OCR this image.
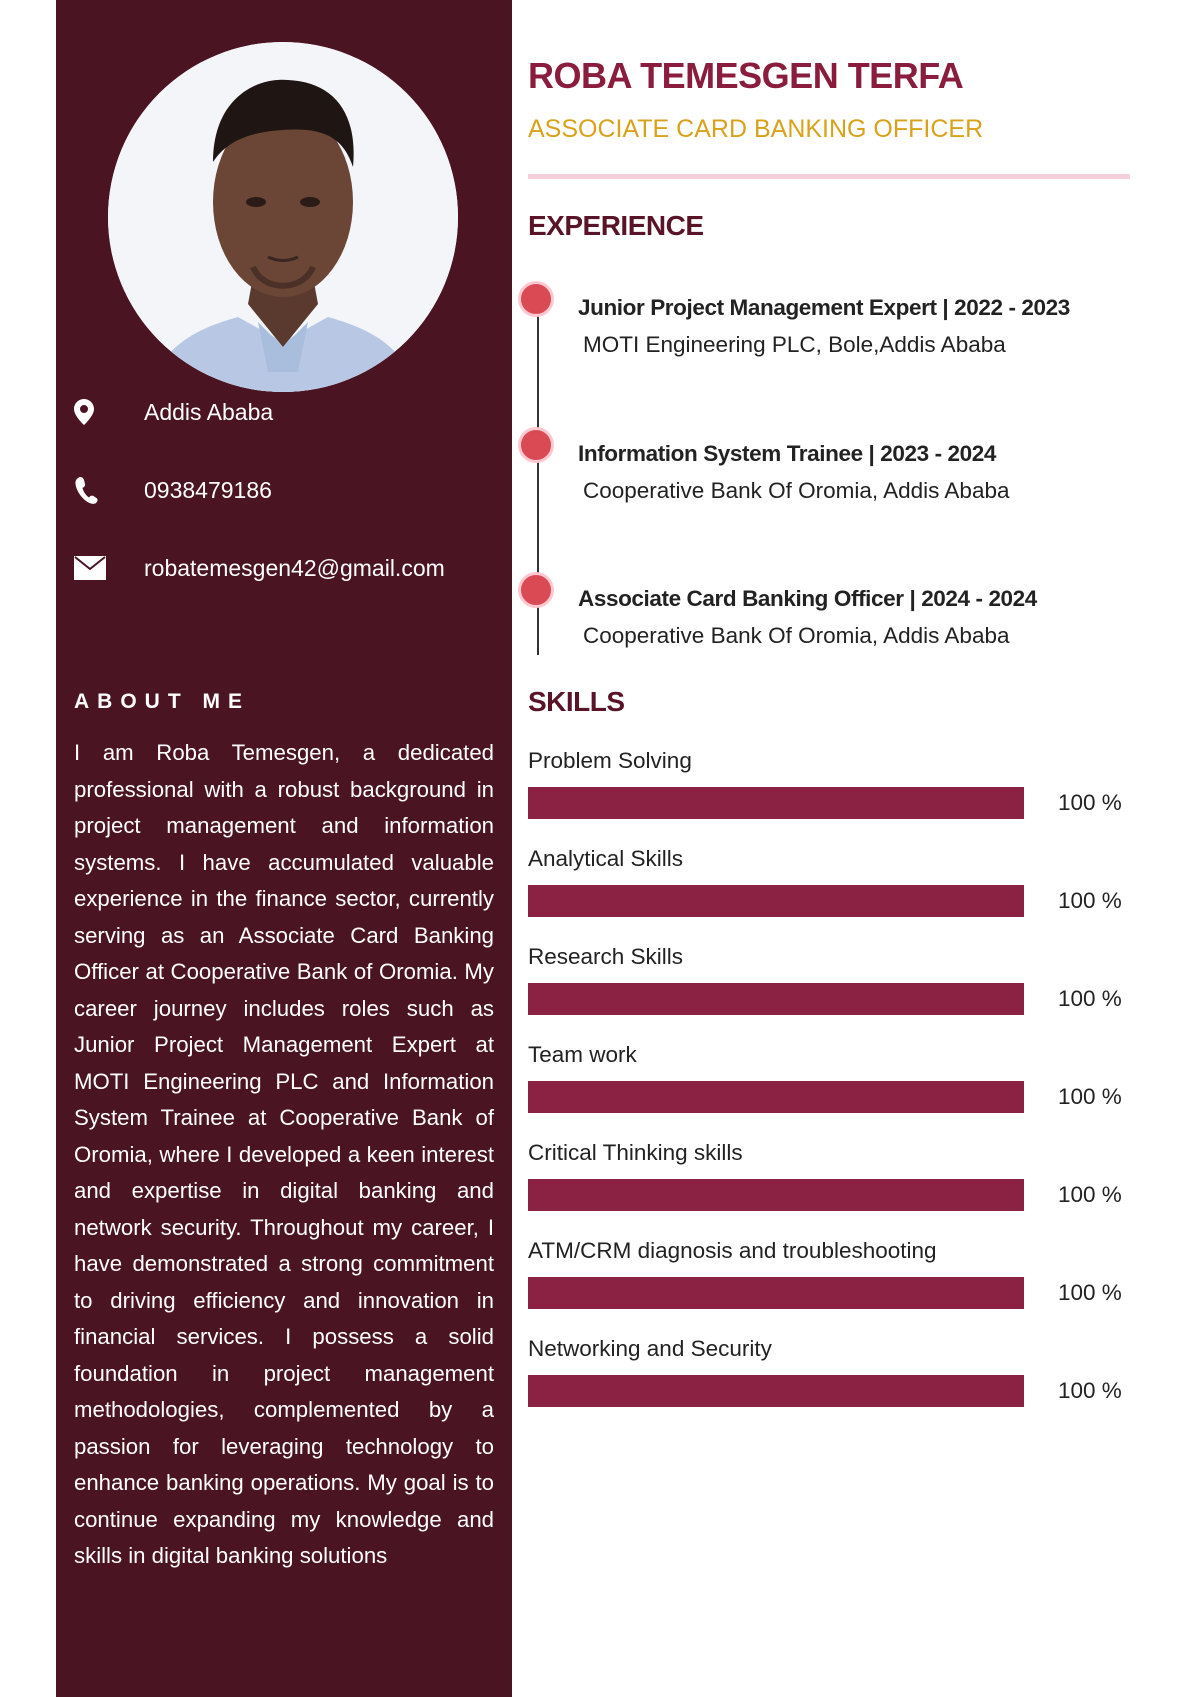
Addis Ababa
0938479186
robatemesgen42@gmail.com
ABOUT ME

I am Roba Temesgen, a dedicated professional with a robust background in project management and information systems. I have accumulated valuable experience in the finance sector, currently serving as an Associate Card Banking Officer at Cooperative Bank of Oromia. My career journey includes roles such as Junior Project Management Expert at MOTI Engineering PLC and Information System Trainee at Cooperative Bank of Oromia, where I developed a keen interest and expertise in digital banking and network security. Throughout my career, I have demonstrated a strong commitment to driving efficiency and innovation in financial services. I possess a solid foundation in project management methodologies, complemented by a passion for leveraging technology to enhance banking operations. My goal is to continue expanding my knowledge and skills in digital banking solutions

ROBA TEMESGEN TERFA
ASSOCIATE CARD BANKING OFFICER
EXPERIENCE
Junior Project Management Expert | 2022 - 2023
MOTI Engineering PLC, Bole,Addis Ababa
Information System Trainee | 2023 - 2024
Cooperative Bank Of Oromia, Addis Ababa
Associate Card Banking Officer | 2024 - 2024
Cooperative Bank Of Oromia, Addis Ababa
SKILLS
Problem Solving
100 %
Analytical Skills
100 %
Research Skills
100 %
Team work
100 %
Critical Thinking skills
100 %
ATM/CRM diagnosis and troubleshooting
100 %
Networking and Security
100 %
